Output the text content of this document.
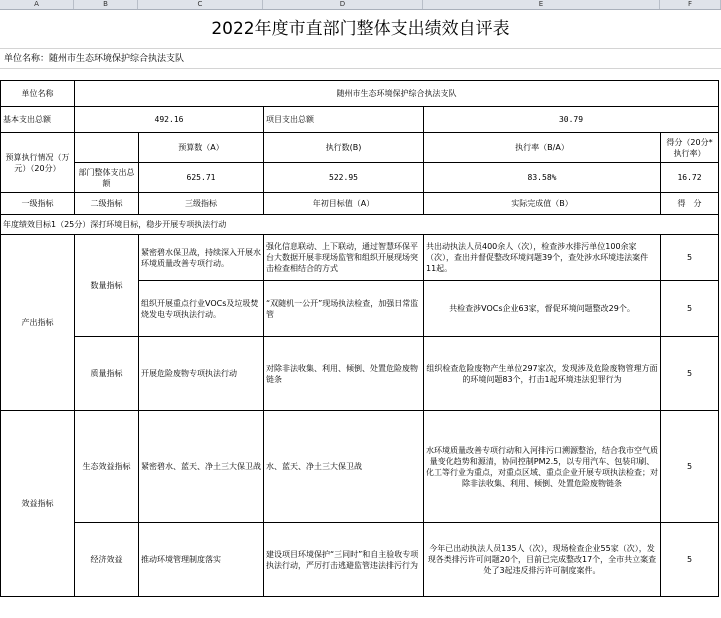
A	B	C	D	E	F
2022年度市直部门整体支出绩效自评表
单位名称：随州市生态环境保护综合执法支队
单位名称	随州市生态环境保护综合执法支队				
基本支出总额	492.16		项目支出总额	30.79	
预算执行情况（万元）（20分）		预算数（A）	执行数(B)	执行率（B/A）	得分（20分*执行率）
	部门整体支出总额	625.71	522.95	83.58%	16.72
一级指标	二级指标	三级指标	年初目标值（A）	实际完成值（B）	得　分
年度绩效目标1（25分）深打环境目标，稳步开展专项执法行动					
产出指标	数量指标	紧密碧水保卫战，持续深入开展水环境质量改善专项行动。	强化信息联动、上下联动，通过智慧环保平台大数据开展非现场监管和组织开展现场突击检查相结合的方式	共出动执法人员400余人（次），检查涉水排污单位100余家（次），查出并督促整改环境问题39个，查处涉水环境违法案件11起。	5
		组织开展重点行业VOCs及垃圾焚烧发电专项执法行动。	“双随机一公开”现场执法检查，加强日常监管	共检查涉VOCs企业63家，督促环境问题整改29个。	5
	质量指标	开展危险废物专项执法行动	对除非法收集、利用、倾倒、处置危险废物链条	组织检查危险废物产生单位297家次，发现涉及危险废物管理方面的环境问题83个，打击1起环境违法犯罪行为	5
效益指标	生态效益指标	紧密碧水、蓝天、净土三大保卫战	水、蓝天、净土三大保卫战	水环境质量改善专项行动和入河排污口溯源整治，结合我市空气质量变化趋势和源清，协同控制PM2.5，以专用汽车、包装印刷、化工等行业为重点，对重点区域、重点企业开展专项执法检查；对除非法收集、利用、倾倒、处置危险废物链条	5
	经济效益	推动环境管理制度落实	建设项目环境保护“三同时”和自主验收专项执法行动，严厉打击逃避监管违法排污行为	今年已出动执法人员135人（次），现场检查企业55家（次），发现各类排污许可问题20个，目前已完成整改17个，全市共立案查处了3起违反排污许可制度案件。	5
